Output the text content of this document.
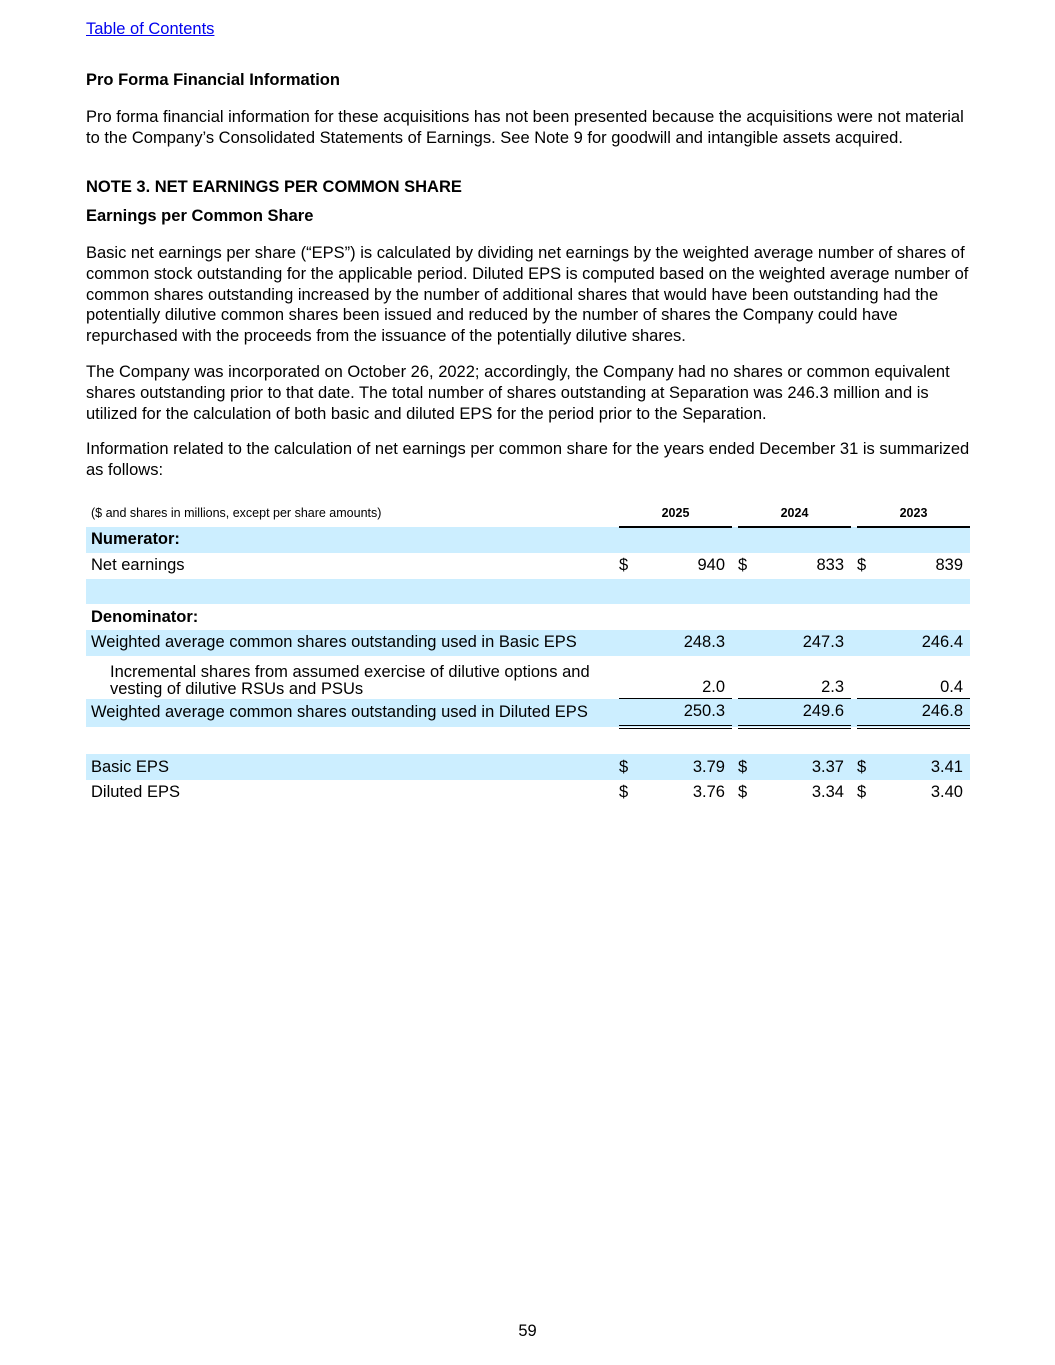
Table of Contents
Pro Forma Financial Information

Pro forma financial information for these acquisitions has not been presented because the acquisitions were not material to the Company’s Consolidated Statements of Earnings. See Note 9 for goodwill and intangible assets acquired.

NOTE 3. NET EARNINGS PER COMMON SHARE
Earnings per Common Share

Basic net earnings per share (“EPS”) is calculated by dividing net earnings by the weighted average number of shares of common stock outstanding for the applicable period. Diluted EPS is computed based on the weighted average number of common shares outstanding increased by the number of additional shares that would have been outstanding had the potentially dilutive common shares been issued and reduced by the number of shares the Company could have repurchased with the proceeds from the issuance of the potentially dilutive shares.

The Company was incorporated on October 26, 2022; accordingly, the Company had no shares or common equivalent shares outstanding prior to that date. The total number of shares outstanding at Separation was 246.3 million and is utilized for the calculation of both basic and diluted EPS for the period prior to the Separation.

Information related to the calculation of net earnings per common share for the years ended December 31 is summarized as follows:

($ and shares in millions, except per share amounts)		2025			2024			2023	
Numerator:									
Net earnings		$	940		$	833		$	839

Denominator:									
Weighted average common shares outstanding used in Basic EPS			248.3			247.3			246.4
Incremental shares from assumed exercise of dilutive options and vesting of dilutive RSUs and PSUs			2.0			2.3			0.4
Weighted average common shares outstanding used in Diluted EPS			250.3			249.6			246.8

Basic EPS		$	3.79		$	3.37		$	3.41
Diluted EPS		$	3.76		$	3.34		$	3.40
59
